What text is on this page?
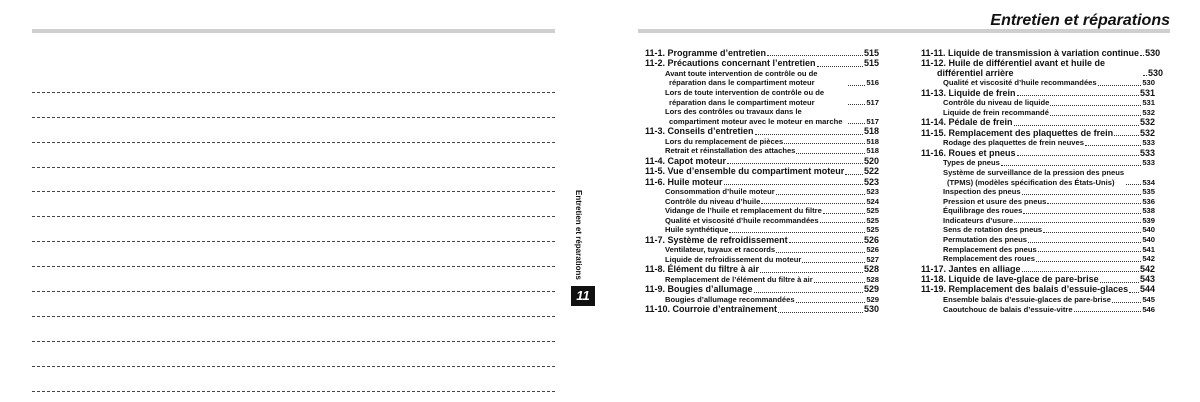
Entretien et réparations
11-1. Programme d’entretien	515
11-2. Précautions concernant l’entretien	515
Avant toute intervention de contrôle ou de réparation dans le compartiment moteur	516
Lors de toute intervention de contrôle ou de réparation dans le compartiment moteur	517
Lors des contrôles ou travaux dans le compartiment moteur avec le moteur en marche	517
11-3. Conseils d’entretien	518
Lors du remplacement de pièces	518
Retrait et réinstallation des attaches	518
11-4. Capot moteur	520
11-5. Vue d’ensemble du compartiment moteur 522
11-6. Huile moteur	523
Consommation d’huile moteur	523
Contrôle du niveau d’huile	524
Vidange de l’huile et remplacement du filtre	525
Qualité et viscosité d’huile recommandées	525
Huile synthétique	525
11-7. Système de refroidissement	526
Ventilateur, tuyaux et raccords	526
Liquide de refroidissement du moteur	527
11-8. Élément du filtre à air	528
Remplacement de l’élément du filtre à air	528
11-9. Bougies d’allumage	529
Bougies d’allumage recommandées	529
11-10. Courroie d’entraînement	530
11-11. Liquide de transmission à variation continue 530
11-12. Huile de différentiel avant et huile de différentiel arrière	530
Qualité et viscosité d’huile recommandées	530
11-13. Liquide de frein	531
Contrôle du niveau de liquide	531
Liquide de frein recommandé	532
11-14. Pédale de frein	532
11-15. Remplacement des plaquettes de frein	532
Rodage des plaquettes de frein neuves	533
11-16. Roues et pneus	533
Types de pneus	533
Système de surveillance de la pression des pneus (TPMS) (modèles spécification des États-Unis)	534
Inspection des pneus	535
Pression et usure des pneus	536
Équilibrage des roues	538
Indicateurs d’usure	539
Sens de rotation des pneus	540
Permutation des pneus	540
Remplacement des pneus	541
Remplacement des roues	542
11-17. Jantes en alliage	542
11-18. Liquide de lave-glace de pare-brise	543
11-19. Remplacement des balais d’essuie-glaces 544
Ensemble balais d’essuie-glaces de pare-brise	545
Caoutchouc de balais d’essuie-vitre	546
Entretien et réparations
11
